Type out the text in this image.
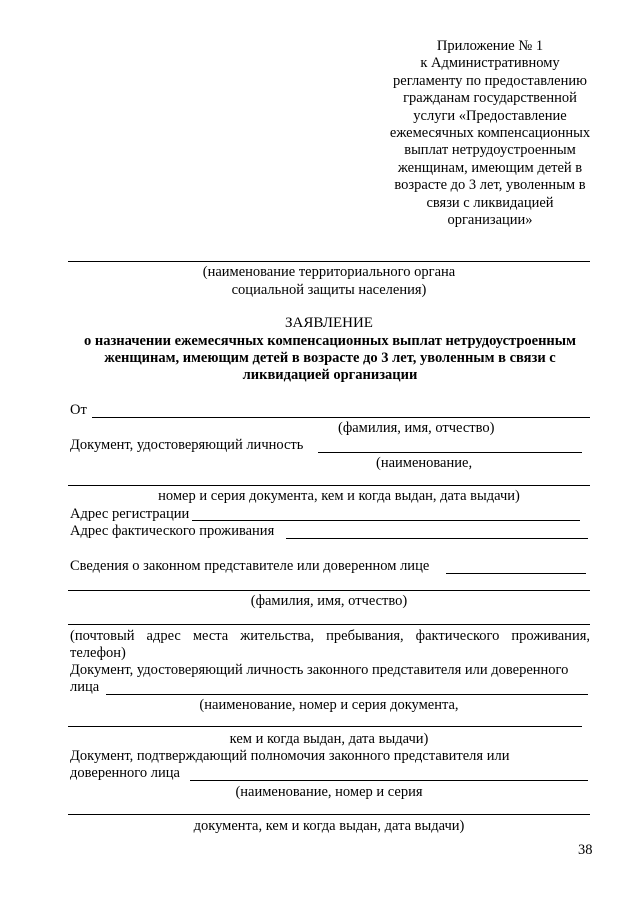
Приложение № 1
к Административному
регламенту по предоставлению
гражданам государственной
услуги «Предоставление
ежемесячных компенсационных
выплат нетрудоустроенным
женщинам, имеющим детей в
возрасте до 3 лет, уволенным в
связи с ликвидацией
организации»
(наименование территориального органа
социальной защиты населения)
ЗАЯВЛЕНИЕ
о назначении ежемесячных компенсационных выплат нетрудоустроенным
женщинам, имеющим детей в возрасте до 3 лет, уволенным в связи с
ликвидацией организации
От
(фамилия, имя, отчество)
Документ, удостоверяющий личность
(наименование,
номер и серия документа, кем и когда выдан, дата выдачи)
Адрес регистрации
Адрес фактического проживания
Сведения о законном представителе или доверенном лице
(фамилия, имя, отчество)
(почтовый адрес места жительства, пребывания, фактического проживания,
телефон)
Документ, удостоверяющий личность законного представителя или доверенного
лица
(наименование, номер и серия документа,
кем и когда выдан, дата выдачи)
Документ, подтверждающий полномочия законного представителя или
доверенного лица
(наименование, номер и серия
документа, кем и когда выдан, дата выдачи)
38
